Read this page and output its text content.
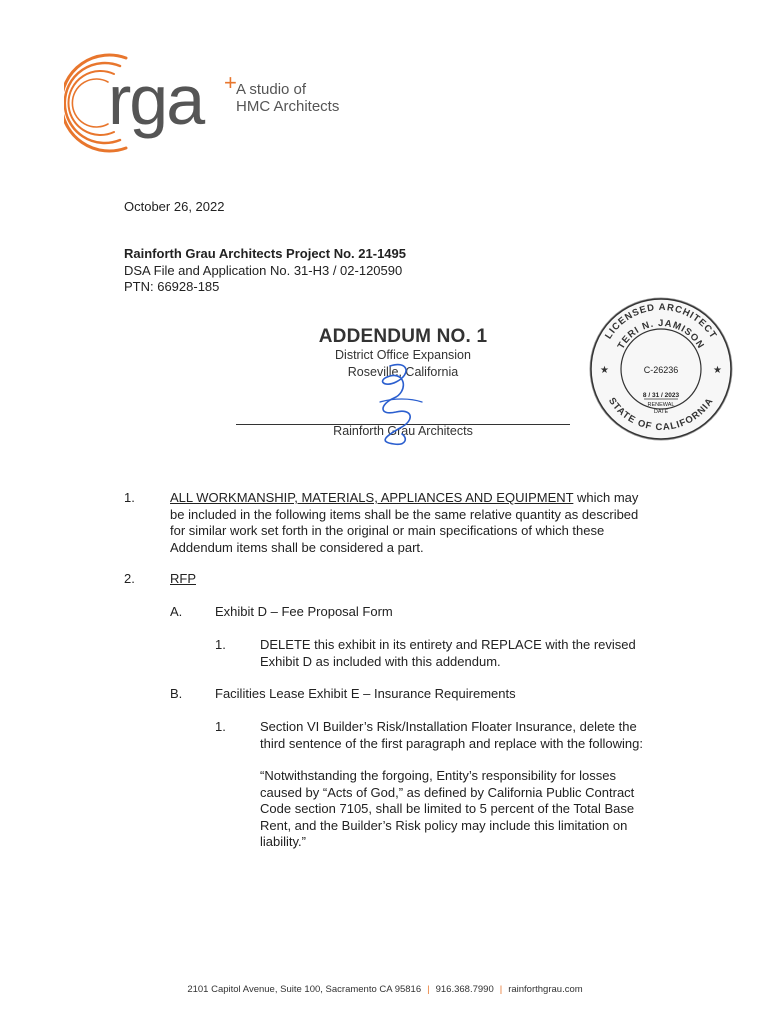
rga + A studio of
HMC Architects
October 26, 2022
Rainforth Grau Architects Project No. 21-1495
DSA File and Application No. 31-H3 / 02-120590
PTN: 66928-185
ADDENDUM NO. 1
District Office Expansion
Roseville, California
Rainforth Grau Architects
LICENSED ARCHITECT
TERI N. JAMISON
STATE OF CALIFORNIA
★	★
C-26236
8 / 31 / 2023
RENEWAL
DATE
1.	ALL WORKMANSHIP, MATERIALS, APPLIANCES AND EQUIPMENT which may
be included in the following items shall be the same relative quantity as described
for similar work set forth in the original or main specifications of which these
Addendum items shall be considered a part.
2.	RFP
A.	Exhibit D – Fee Proposal Form
1.	DELETE this exhibit in its entirety and REPLACE with the revised
Exhibit D as included with this addendum.
B.	Facilities Lease Exhibit E – Insurance Requirements
1.	Section VI Builder’s Risk/Installation Floater Insurance, delete the
third sentence of the first paragraph and replace with the following:
“Notwithstanding the forgoing, Entity’s responsibility for losses
caused by “Acts of God,” as defined by California Public Contract
Code section 7105, shall be limited to 5 percent of the Total Base
Rent, and the Builder’s Risk policy may include this limitation on
liability.”
2101 Capitol Avenue, Suite 100, Sacramento CA 95816 | 916.368.7990 | rainforthgrau.com
